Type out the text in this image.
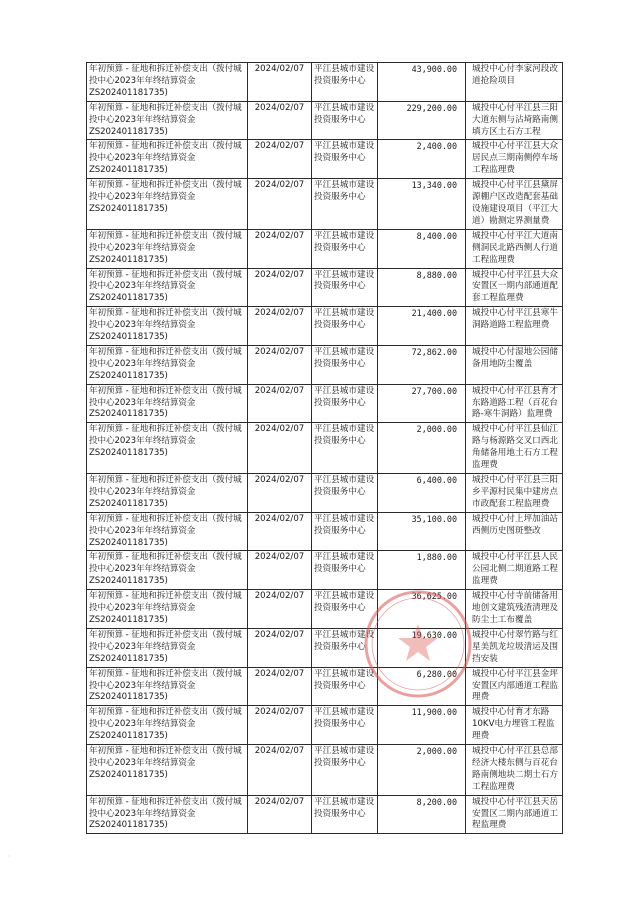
年初预算 - 征地和拆迁补偿支出（拨付城投中心2023年年终结算资金ZS202401181735)	2024/02/07	平江县城市建设投资服务中心	43,900.00	城投中心付李家河段改道抢险项目
年初预算 - 征地和拆迁补偿支出（拨付城投中心2023年年终结算资金ZS202401181735)	2024/02/07	平江县城市建设投资服务中心	229,200.00	城投中心付平江县三阳大道东侧与沾埼路南侧填方区土石方工程
年初预算 - 征地和拆迁补偿支出（拨付城投中心2023年年终结算资金ZS202401181735)	2024/02/07	平江县城市建设投资服务中心	2,400.00	城投中心付平江县大众居民点三期南侧停车场工程监理费
年初预算 - 征地和拆迁补偿支出（拨付城投中心2023年年终结算资金ZS202401181735)	2024/02/07	平江县城市建设投资服务中心	13,340.00	城投中心付平江县黛屏源棚户区改造配套基础设施建设项目（平江大道）勘测定界测量费
年初预算 - 征地和拆迁补偿支出（拨付城投中心2023年年终结算资金ZS202401181735)	2024/02/07	平江县城市建设投资服务中心	8,400.00	城投中心付平江大道南侧洞民北路西侧人行道工程监理费
年初预算 - 征地和拆迁补偿支出（拨付城投中心2023年年终结算资金ZS202401181735)	2024/02/07	平江县城市建设投资服务中心	8,880.00	城投中心付平江县大众安置区一期内部通道配套工程监理费
年初预算 - 征地和拆迁补偿支出（拨付城投中心2023年年终结算资金ZS202401181735)	2024/02/07	平江县城市建设投资服务中心	21,400.00	城投中心付平江县寒牛洞路道路工程监理费
年初预算 - 征地和拆迁补偿支出（拨付城投中心2023年年终结算资金ZS202401181735)	2024/02/07	平江县城市建设投资服务中心	72,862.00	城投中心付湿地公园储备用地防尘覆盖
年初预算 - 征地和拆迁补偿支出（拨付城投中心2023年年终结算资金ZS202401181735)	2024/02/07	平江县城市建设投资服务中心	27,700.00	城投中心付平江县育才东路道路工程（百花台路-寒牛洞路）监理费
年初预算 - 征地和拆迁补偿支出（拨付城投中心2023年年终结算资金ZS202401181735)	2024/02/07	平江县城市建设投资服务中心	2,000.00	城投中心付平江县仙江路与杨源路交叉口西北角储备用地土石方工程监理费
年初预算 - 征地和拆迁补偿支出（拨付城投中心2023年年终结算资金ZS202401181735)	2024/02/07	平江县城市建设投资服务中心	6,400.00	城投中心付平江县三阳乡平源村民集中建房点市政配套工程监理费
年初预算 - 征地和拆迁补偿支出（拨付城投中心2023年年终结算资金ZS202401181735)	2024/02/07	平江县城市建设投资服务中心	35,100.00	城投中心付上坪加油站西侧历史图斑整改
年初预算 - 征地和拆迁补偿支出（拨付城投中心2023年年终结算资金ZS202401181735)	2024/02/07	平江县城市建设投资服务中心	1,880.00	城投中心付平江县人民公园北侧二期道路工程监理费
年初预算 - 征地和拆迁补偿支出（拨付城投中心2023年年终结算资金ZS202401181735)	2024/02/07	平江县城市建设投资服务中心	36,625.00	城投中心付寺前储备用地创文建筑残渣清理及防尘土工布覆盖
年初预算 - 征地和拆迁补偿支出（拨付城投中心2023年年终结算资金ZS202401181735)	2024/02/07	平江县城市建设投资服务中心	19,630.00	城投中心付翠竹路与红星美凯龙垃圾清运及围挡安装
年初预算 - 征地和拆迁补偿支出（拨付城投中心2023年年终结算资金ZS202401181735)	2024/02/07	平江县城市建设投资服务中心	6,280.00	城投中心付平江县金坪安置区内部通道工程监理费
年初预算 - 征地和拆迁补偿支出（拨付城投中心2023年年终结算资金ZS202401181735)	2024/02/07	平江县城市建设投资服务中心	11,900.00	城投中心付育才东路10KV电力埋管工程监理费
年初预算 - 征地和拆迁补偿支出（拨付城投中心2023年年终结算资金ZS202401181735)	2024/02/07	平江县城市建设投资服务中心	2,000.00	城投中心付平江县总部经济大楼东侧与百花台路南侧地块二期土石方工程监理费
年初预算 - 征地和拆迁补偿支出（拨付城投中心2023年年终结算资金ZS202401181735)	2024/02/07	平江县城市建设投资服务中心	8,200.00	城投中心付平江县天岳安置区二期内部通道工程监理费
·
